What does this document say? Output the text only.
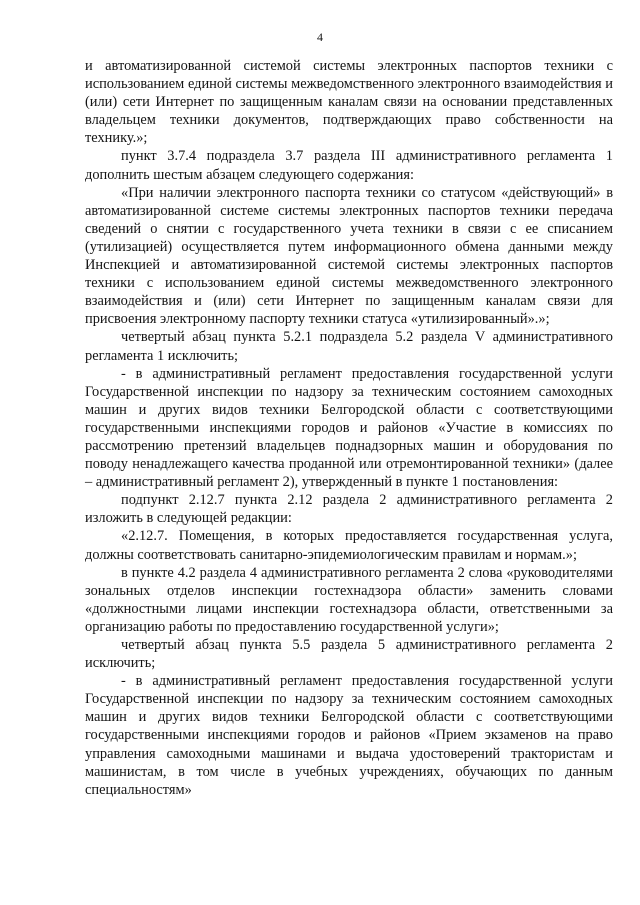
4

и автоматизированной системой системы электронных паспортов техники с использованием единой системы межведомственного электронного взаимодействия и (или) сети Интернет по защищенным каналам связи на основании представленных владельцем техники документов, подтверждающих право собственности на технику.»;

пункт 3.7.4 подраздела 3.7 раздела III административного регламента 1 дополнить шестым абзацем следующего содержания:

«При наличии электронного паспорта техники со статусом «действующий» в автоматизированной системе системы электронных паспортов техники передача сведений о снятии с государственного учета техники в связи с ее списанием (утилизацией) осуществляется путем информационного обмена данными между Инспекцией и автоматизированной системой системы электронных паспортов техники с использованием единой системы межведомственного электронного взаимодействия и (или) сети Интернет по защищенным каналам связи для присвоения электронному паспорту техники статуса «утилизированный».»;

четвертый абзац пункта 5.2.1 подраздела 5.2 раздела V административного регламента 1 исключить;

- в административный регламент предоставления государственной услуги Государственной инспекции по надзору за техническим состоянием самоходных машин и других видов техники Белгородской области с соответствующими государственными инспекциями городов и районов «Участие в комиссиях по рассмотрению претензий владельцев поднадзорных машин и оборудования по поводу ненадлежащего качества проданной или отремонтированной техники» (далее – административный регламент 2), утвержденный в пункте 1 постановления:

подпункт 2.12.7 пункта 2.12 раздела 2 административного регламента 2 изложить в следующей редакции:

«2.12.7. Помещения, в которых предоставляется государственная услуга, должны соответствовать санитарно-эпидемиологическим правилам и нормам.»;

в пункте 4.2 раздела 4 административного регламента 2 слова «руководителями зональных отделов инспекции гостехнадзора области» заменить словами «должностными лицами инспекции гостехнадзора области, ответственными за организацию работы по предоставлению государственной услуги»;

четвертый абзац пункта 5.5 раздела 5 административного регламента 2 исключить;

- в административный регламент предоставления государственной услуги Государственной инспекции по надзору за техническим состоянием самоходных машин и других видов техники Белгородской области с соответствующими государственными инспекциями городов и районов «Прием экзаменов на право управления самоходными машинами и выдача удостоверений трактористам и машинистам, в том числе в учебных учреждениях, обучающих по данным специальностям»
